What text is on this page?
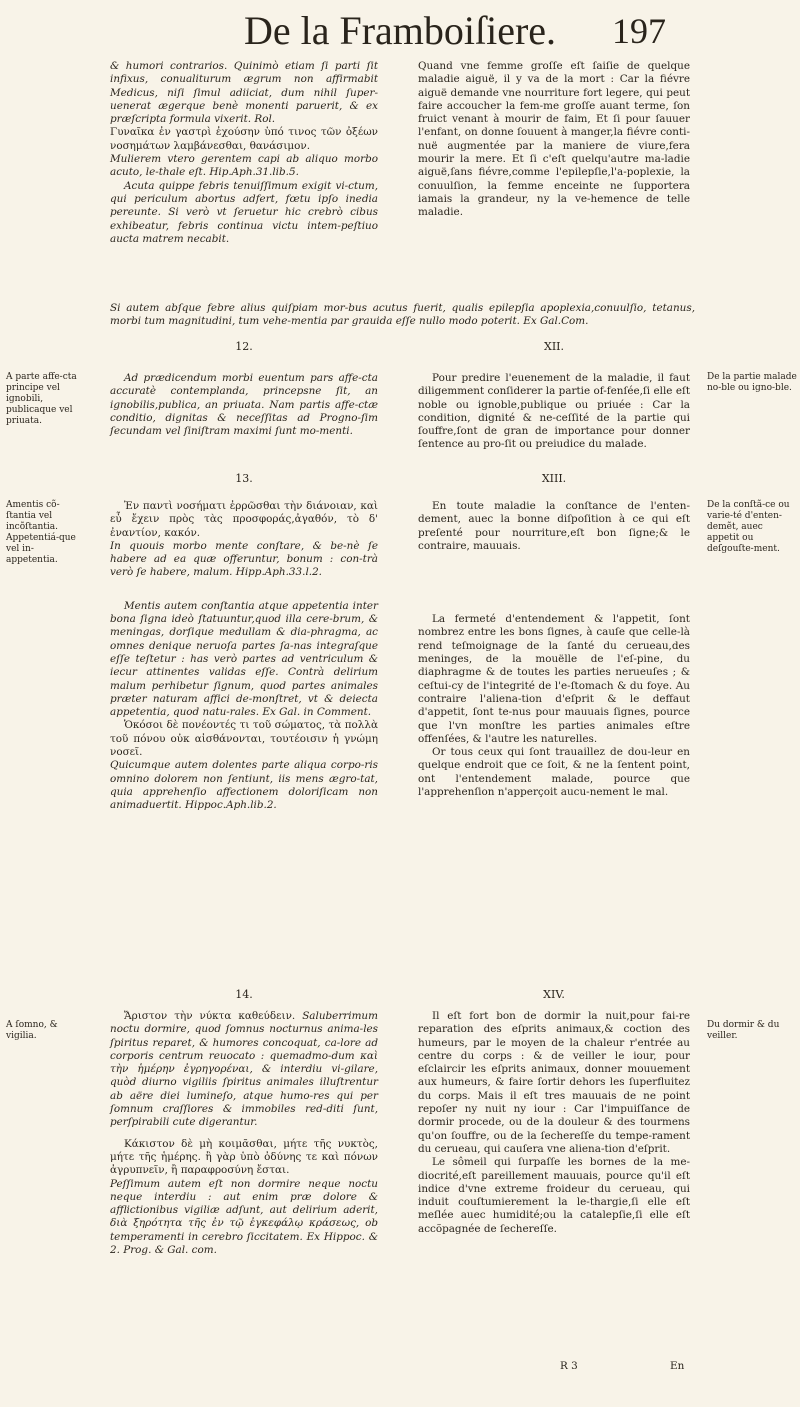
De la Framboiſiere. 197

& humori contrarios. Quinimò etiam ſi parti ſit infixus, conualiturum ægrum non affirmabit Medicus, niſi ſimul adiiciat, dum nihil ſuper-uenerat ægerque benè monenti paruerit, & ex præſcripta formula vixerit. Rol.

Γυναῖκα ἐν γαστρὶ ἐχούσην ὑπό τινος τῶν ὀξέων νοσημάτων λαμβάνεσθαι, θανάσιμον.

Mulierem vtero gerentem capi ab aliquo morbo acuto, le-thale eſt. Hip.Aph.31.lib.5.

Acuta quippe febris tenuiſſimum exigit vi-ctum, qui periculum abortus adfert, fœtu ipſo inedia pereunte. Si verò vt ſeruetur hic crebrò cibus exhibeatur, febris continua victu intem-peſtiuo aucta matrem necabit.

Quand vne femme groſſe eſt ſaiſie de quelque maladie aiguë, il y va de la mort : Car la fiévre aiguë demande vne nourriture fort legere, qui peut faire accoucher la fem-me groſſe auant terme, ſon fruict venant à mourir de faim, Et ſi pour ſauuer l'enfant, on donne ſouuent à manger,la fiévre conti-nuë augmentée par la maniere de viure,fera mourir la mere. Et ſi c'eſt quelqu'autre ma-ladie aiguë,ſans fiévre,comme l'epilepſie,l'a-poplexie, la conuulſion, la femme enceinte ne ſupportera iamais la grandeur, ny la ve-hemence de telle maladie.

Si autem abſque febre alius quiſpiam mor-bus acutus fuerit, qualis epilepſia apoplexia,conuulſio, tetanus, morbi tum magnitudini, tum vehe-mentia par grauida eſſe nullo modo poterit. Ex Gal.Com.
12.	XII.
A parte affe-cta principe vel ignobili, publicaque vel priuata.
De la partie malade no-ble ou igno-ble.

Ad prædicendum morbi euentum pars affe-cta accuratè contemplanda, princepsne ſit, an ignobilis,publica, an priuata. Nam partis affe-ctæ conditio, dignitas & neceſſitas ad Progno-ſim ſecundam vel ſiniſtram maximi ſunt mo-menti.

Pour predire l'euenement de la maladie, il faut diligemment conſiderer la partie of-fenſée,ſi elle eſt noble ou ignoble,publique ou priuée : Car la condition, dignité & ne-ceſſité de la partie qui ſouffre,ſont de gran de importance pour donner ſentence au pro-ſit ou preiudice du malade.

13.	XIII.
Amentis cõ-ſtantia vel incõſtantia. Appetentiá-que vel in-appetentia.
De la conſtã-ce ou varie-té d'enten-demẽt, auec appetit ou deſgouſte-ment.

Ἐν παντὶ νοσήματι ἐρρῶσθαι τὴν διάνοιαν, καὶ εὖ ἔχειν πρὸς τὰς προσφοράς,ἀγαθόν, τὸ δ' ἐναντίον, κακόν.

In quouis morbo mente conſtare, & be-nè ſe habere ad ea quæ offeruntur, bonum : con-trà verò ſe habere, malum. Hipp.Aph.33.l.2.

Mentis autem conſtantia atque appetentia inter bona ſigna ideò ſtatuuntur,quod illa cere-brum, & meningas, dorſique medullam & dia-phragma, ac omnes denique neruoſa partes ſa-nas integraſque eſſe teſtetur : has verò partes ad ventriculum & iecur attinentes validas eſſe. Contrà delirium malum perhibetur ſignum, quod partes animales præter naturam affici de-monſtret, vt & deiecta appetentia, quod natu-rales. Ex Gal. in Comment.

Ὁκόσοι δὲ πονέοντές τι τοῦ σώματος, τὰ πολλὰ τοῦ πόνου οὐκ αἰσθάνονται, τουτέοισιν ἡ γνώμη νοσεῖ.

Quicumque autem dolentes parte aliqua corpo-ris omnino dolorem non ſentiunt, iis mens ægro-tat, quia apprehenſio affectionem doloriſicam non animaduertit. Hippoc.Aph.lib.2.

En toute maladie la conſtance de l'enten-dement, auec la bonne diſpoſition à ce qui eſt preſenté pour nourriture,eſt bon ſigne;& le contraire, mauuais.

La fermeté d'entendement & l'appetit, ſont nombrez entre les bons ſignes, à cauſe que celle-là rend teſmoignage de la ſanté du cerueau,des meninges, de la mouëlle de l'eſ-pine, du diaphragme & de toutes les parties nerueuſes ; & ceſtui-cy de l'integrité de l'e-ſtomach & du foye. Au contraire l'aliena-tion d'eſprit & le deffaut d'appetit, ſont te-nus pour mauuais ſignes, pource que l'vn monſtre les parties animales eſtre offenſées, & l'autre les naturelles.

Or tous ceux qui ſont trauaillez de dou-leur en quelque endroit que ce ſoit, & ne la ſentent point, ont l'entendement malade, pource que l'apprehenſion n'apperçoit aucu-nement le mal.

14.	XIV.
A ſomno, & vigilia.
Du dormir & du veiller.

Ἄριστον τὴν νύκτα καθεύδειν. Saluberrimum noctu dormire, quod ſomnus nocturnus anima-les ſpiritus reparet, & humores concoquat, ca-lore ad corporis centrum reuocato : quemadmo-dum καὶ τὴν ἡμέρην ἐγρηγορέναι, & interdiu vi-gilare, quòd diurno vigiliis ſpiritus animales illuſtrentur ab aëre diei lumineſo, atque humo-res qui per ſomnum craſſiores & immobiles red-diti ſunt, perſpirabili cute digerantur.

Κάκιστον δὲ μὴ κοιμᾶσθαι, μήτε τῆς νυκτὸς, μήτε τῆς ἡμέρης. ἢ γὰρ ὑπὸ ὀδύνης τε καὶ πόνων ἀγρυπνεῖν, ἢ παραφροσύνη ἔσται.

Peſſimum autem eſt non dormire neque noctu neque interdiu : aut enim præ dolore & afflictionibus vigiliæ adſunt, aut delirium aderit, διὰ ξηρότητα τῆς ἐν τῷ ἐγκεφάλῳ κράσεως, ob temperamenti in cerebro ſiccitatem. Ex Hippoc. & 2. Prog. & Gal. com.

Il eſt fort bon de dormir la nuit,pour fai-re reparation des eſprits animaux,& coction des humeurs, par le moyen de la chaleur r'entrée au centre du corps : & de veiller le iour, pour eſclaircir les eſprits animaux, donner mouuement aux humeurs, & faire ſortir dehors les ſuperfluitez du corps. Mais il eſt tres mauuais de ne point repoſer ny nuit ny iour : Car l'impuiſſance de dormir procede, ou de la douleur & des tourmens qu'on ſouffre, ou de la ſechereſſe du tempe-rament du cerueau, qui cauſera vne aliena-tion d'eſprit.

Le sômeil qui ſurpaſſe les bornes de la me-diocrité,eſt pareillement mauuais, pource qu'il eſt indice d'vne extreme froideur du cerueau, qui induit couſtumierement la le-thargie,ſi elle eſt meſlée auec humidité;ou la catalepſie,ſi elle eſt accõpagnée de ſechereſſe.

R 3	En
